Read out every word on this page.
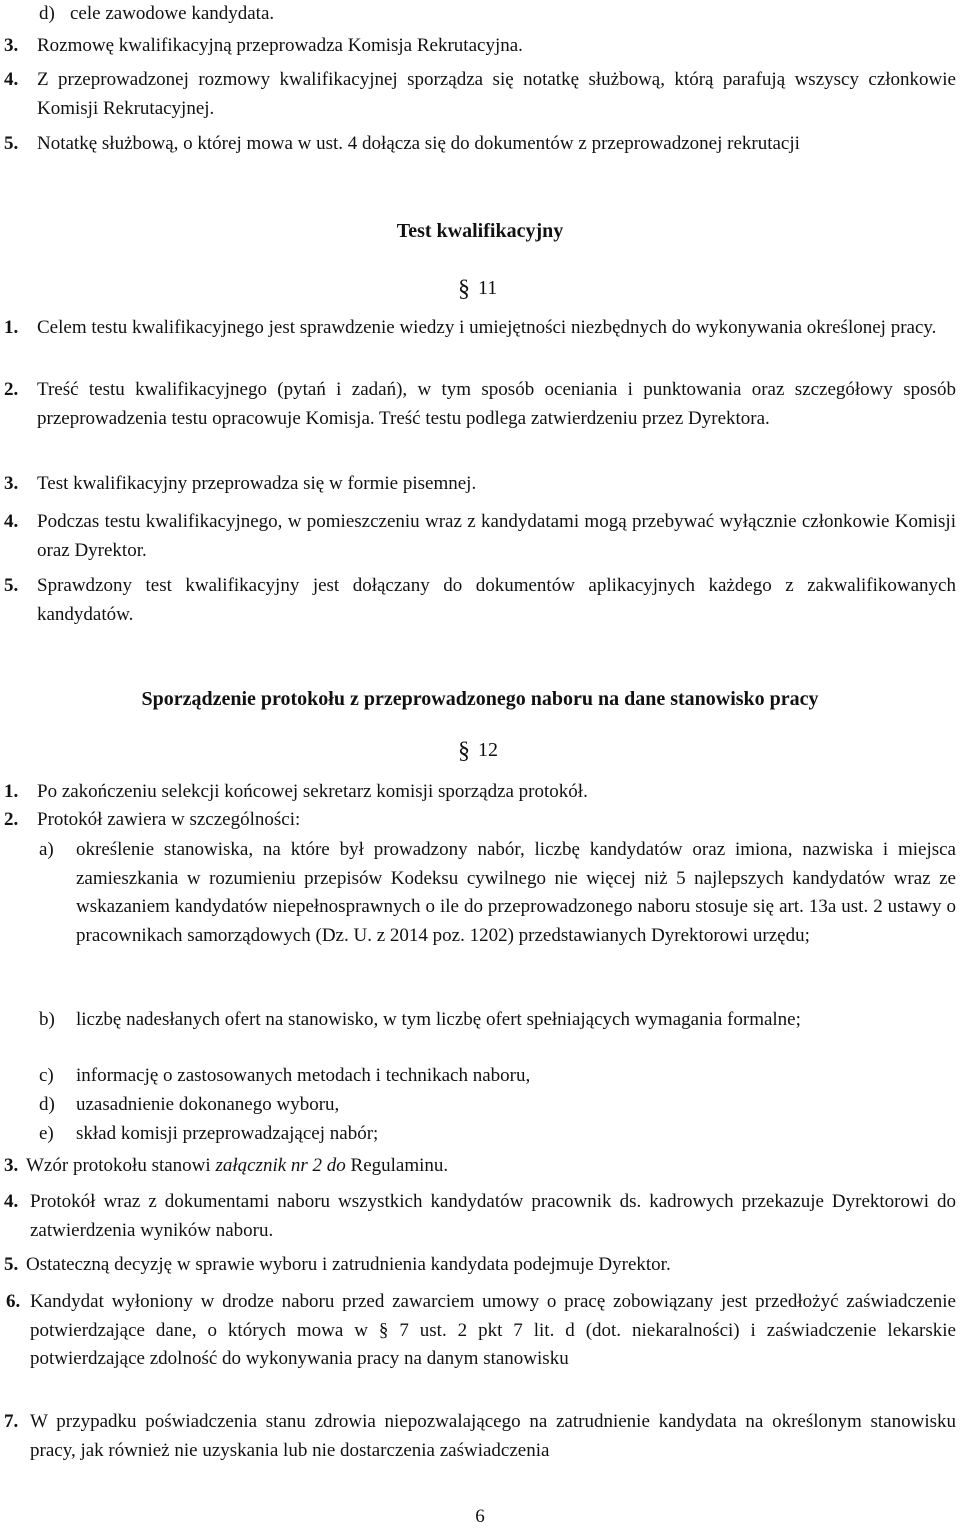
d) cele zawodowe kandydata.
3. Rozmowę kwalifikacyjną przeprowadza Komisja Rekrutacyjna.
4. Z przeprowadzonej rozmowy kwalifikacyjnej sporządza się notatkę służbową, którą parafują wszyscy członkowie Komisji Rekrutacyjnej.
5. Notatkę służbową, o której mowa w ust. 4 dołącza się do dokumentów z przeprowadzonej rekrutacji
Test kwalifikacyjny
§ 11
1. Celem testu kwalifikacyjnego jest sprawdzenie wiedzy i umiejętności niezbędnych do wykonywania określonej pracy.
2. Treść testu kwalifikacyjnego (pytań i zadań), w tym sposób oceniania i punktowania oraz szczegółowy sposób przeprowadzenia testu opracowuje Komisja. Treść testu podlega zatwierdzeniu przez Dyrektora.
3. Test kwalifikacyjny przeprowadza się w formie pisemnej.
4. Podczas testu kwalifikacyjnego, w pomieszczeniu wraz z kandydatami mogą przebywać wyłącznie członkowie Komisji oraz Dyrektor.
5. Sprawdzony test kwalifikacyjny jest dołączany do dokumentów aplikacyjnych każdego z zakwalifikowanych kandydatów.
Sporządzenie protokołu z przeprowadzonego naboru na dane stanowisko pracy
§ 12
1. Po zakończeniu selekcji końcowej sekretarz komisji sporządza protokół.
2. Protokół zawiera w szczególności:
a)	określenie stanowiska, na które był prowadzony nabór, liczbę kandydatów oraz imiona, nazwiska i miejsca zamieszkania w rozumieniu przepisów Kodeksu cywilnego nie więcej niż 5 najlepszych kandydatów wraz ze wskazaniem kandydatów niepełnosprawnych o ile do przeprowadzonego naboru stosuje się art. 13a ust. 2 ustawy o pracownikach samorządowych (Dz. U. z 2014 poz. 1202) przedstawianych Dyrektorowi urzędu;
b)	liczbę nadesłanych ofert na stanowisko, w tym liczbę ofert spełniających wymagania formalne;
c)	informację o zastosowanych metodach i technikach naboru,
d)	uzasadnienie dokonanego wyboru,
e)	skład komisji przeprowadzającej nabór;
3. Wzór protokołu stanowi załącznik nr 2 do Regulaminu.
4. Protokół wraz z dokumentami naboru wszystkich kandydatów pracownik ds. kadrowych przekazuje Dyrektorowi do zatwierdzenia wyników naboru.
5. Ostateczną decyzję w sprawie wyboru i zatrudnienia kandydata podejmuje Dyrektor.
6. Kandydat wyłoniony w drodze naboru przed zawarciem umowy o pracę zobowiązany jest przedłożyć zaświadczenie potwierdzające dane, o których mowa w § 7 ust. 2 pkt 7 lit. d (dot. niekaralności) i zaświadczenie lekarskie potwierdzające zdolność do wykonywania pracy na danym stanowisku
7. W przypadku poświadczenia stanu zdrowia niepozwalającego na zatrudnienie kandydata na określonym stanowisku pracy, jak również nie uzyskania lub nie dostarczenia zaświadczenia
6
